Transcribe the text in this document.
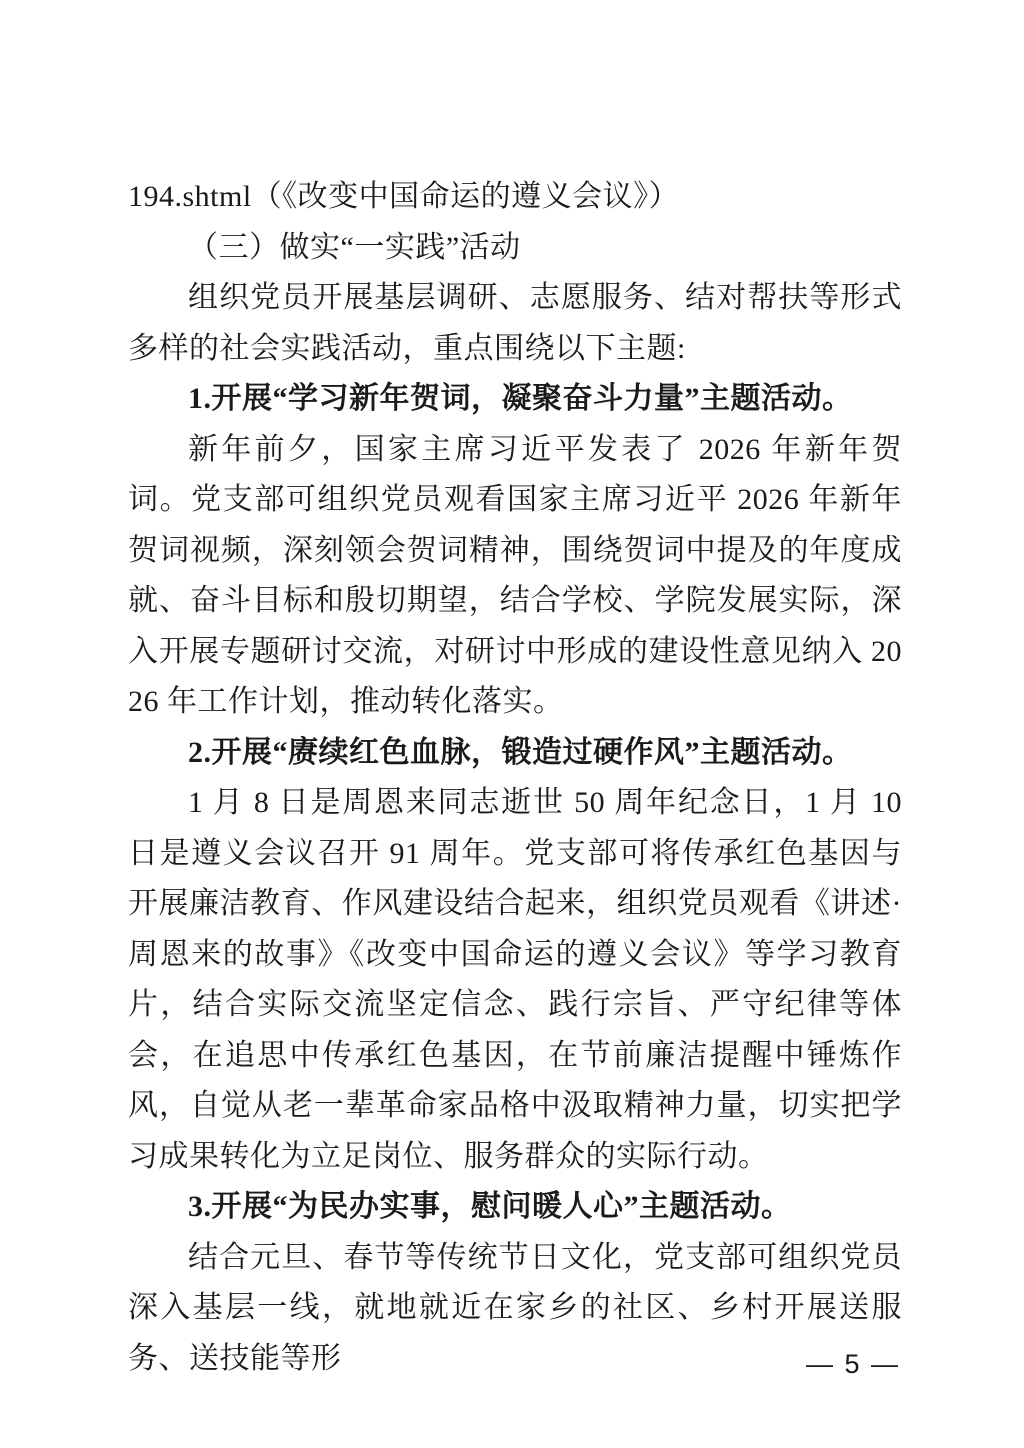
194.shtml（《改变中国命运的遵义会议》）

（三）做实“一实践”活动

组织党员开展基层调研、志愿服务、结对帮扶等形式多样的社会实践活动，重点围绕以下主题:

1.开展“学习新年贺词，凝聚奋斗力量”主题活动。

新年前夕，国家主席习近平发表了 2026 年新年贺词。党支部可组织党员观看国家主席习近平 2026 年新年贺词视频，深刻领会贺词精神，围绕贺词中提及的年度成就、奋斗目标和殷切期望，结合学校、学院发展实际，深入开展专题研讨交流，对研讨中形成的建设性意见纳入 2026 年工作计划，推动转化落实。

2.开展“赓续红色血脉，锻造过硬作风”主题活动。

1 月 8 日是周恩来同志逝世 50 周年纪念日，1 月 10 日是遵义会议召开 91 周年。党支部可将传承红色基因与开展廉洁教育、作风建设结合起来，组织党员观看《讲述·周恩来的故事》《改变中国命运的遵义会议》等学习教育片，结合实际交流坚定信念、践行宗旨、严守纪律等体会，在追思中传承红色基因，在节前廉洁提醒中锤炼作风，自觉从老一辈革命家品格中汲取精神力量，切实把学习成果转化为立足岗位、服务群众的实际行动。

3.开展“为民办实事，慰问暖人心”主题活动。

结合元旦、春节等传统节日文化，党支部可组织党员深入基层一线，就地就近在家乡的社区、乡村开展送服务、送技能等形	— 5 —
